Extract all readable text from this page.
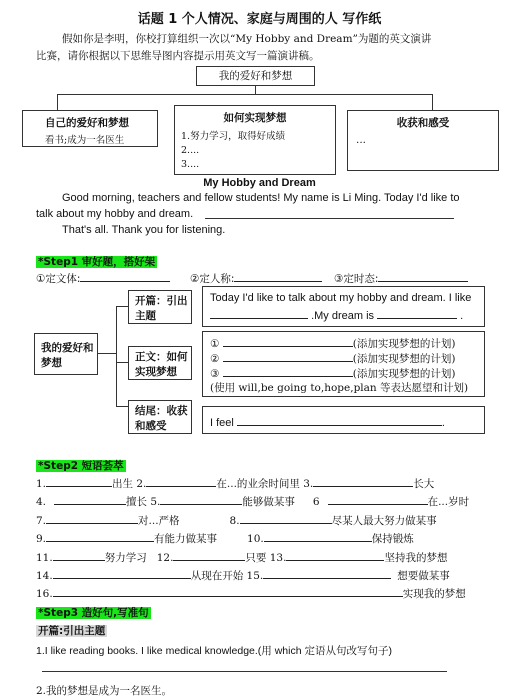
话题 1 个人情况、家庭与周围的人 写作纸
假如你是李明，你校打算组织一次以“My Hobby and Dream”为题的英文演讲
比赛，请你根据以下思维导图内容提示用英文写一篇演讲稿。
我的爱好和梦想
自己的爱好和梦想
看书;成为一名医生
如何实现梦想
1.努力学习，取得好成绩
2....
3....
收获和感受
...
My Hobby and Dream
Good morning, teachers and fellow students! My name is Li Ming. Today I'd like to
talk about my hobby and dream.
That's all. Thank you for listening.
*Step1 审好题，搭好架
①定文体:	②定人称:	③定时态:
我的爱好和梦想
开篇：引出主题
正文：如何实现梦想
结尾：收获和感受
Today I'd like to talk about my hobby and dream. I like
.My dream is	.
①	(添加实现梦想的计划)
②	(添加实现梦想的计划)
③	(添加实现梦想的计划)
(使用 will,be going to,hope,plan 等表达愿望和计划)
I feel	.
*Step2 短语荟萃
1.	出生 2.	在...的业余时间里 3.	长大
4.	擅长 5.	能够做某事 6	在...岁时
7.	对...严格	8.	尽某人最大努力做某事
9.	有能力做某事	10.	保持锻炼
11.	努力学习 12.	只要 13.	坚持我的梦想
14.	从现在开始 15.	想要做某事
16.	实现我的梦想
*Step3 造好句,写准句
开篇:引出主题
1.I like reading books. I like medical knowledge.(用 which 定语从句改写句子)
2.我的梦想是成为一名医生。
